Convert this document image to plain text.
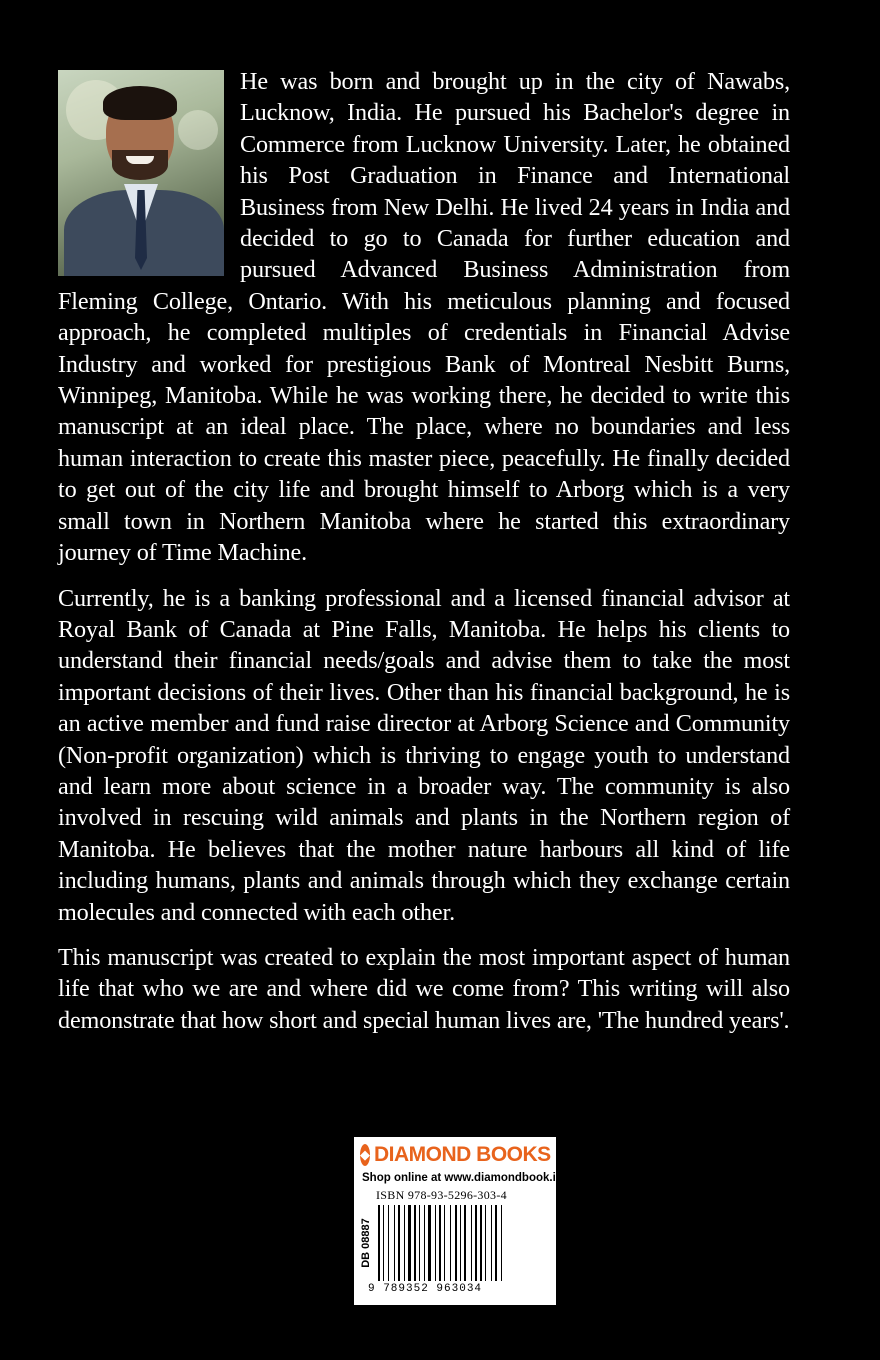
He was born and brought up in the city of Nawabs, Lucknow, India. He pursued his Bachelor's degree in Commerce from Lucknow University. Later, he obtained his Post Graduation in Finance and International Business from New Delhi. He lived 24 years in India and decided to go to Canada for further education and pursued Advanced Business Administration from Fleming College, Ontario. With his meticulous planning and focused approach, he completed multiples of credentials in Financial Advise Industry and worked for prestigious Bank of Montreal Nesbitt Burns, Winnipeg, Manitoba. While he was working there, he decided to write this manuscript at an ideal place. The place, where no boundaries and less human interaction to create this master piece, peacefully. He finally decided to get out of the city life and brought himself to Arborg which is a very small town in Northern Manitoba where he started this extraordinary journey of Time Machine.

Currently, he is a banking professional and a licensed financial advisor at Royal Bank of Canada at Pine Falls, Manitoba. He helps his clients to understand their financial needs/goals and advise them to take the most important decisions of their lives. Other than his financial background, he is an active member and fund raise director at Arborg Science and Community (Non-profit organization) which is thriving to engage youth to understand and learn more about science in a broader way. The community is also involved in rescuing wild animals and plants in the Northern region of Manitoba. He believes that the mother nature harbours all kind of life including humans, plants and animals through which they exchange certain molecules and connected with each other.

This manuscript was created to explain the most important aspect of human life that who we are and where did we come from? This writing will also demonstrate that how short and special human lives are, 'The hundred years'.

◆ DIAMOND BOOKS
Shop online at www.diamondbook.in
ISBN 978-93-5296-303-4
DB 08887	A.H.W. Sameer Series
9 789352 963034
